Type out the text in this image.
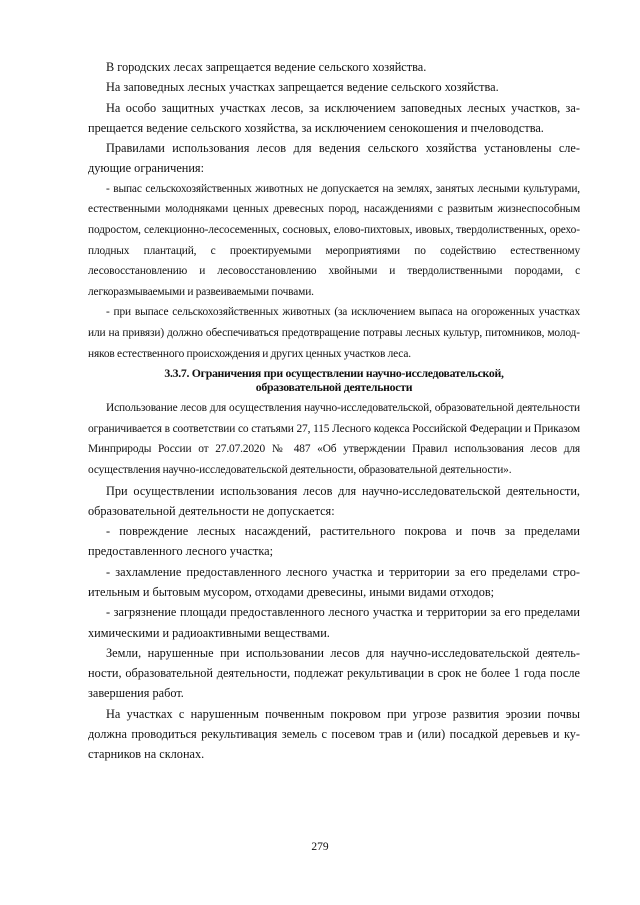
В городских лесах запрещается ведение сельского хозяйства.

На заповедных лесных участках запрещается ведение сельского хозяйства.

На особо защитных участках лесов, за исключением заповедных лесных участков, запрещается ведение сельского хозяйства, за исключением сенокошения и пчеловодства.

Правилами использования лесов для ведения сельского хозяйства установлены следующие ограничения:

- выпас сельскохозяйственных животных не допускается на землях, занятых лесными культурами, естественными молодняками ценных древесных пород, насаждениями с развитым жизнеспособным подростом, селекционно-лесосеменных, сосновых, елово-пихтовых, ивовых, твердолиственных, орехоплодных плантаций, с проектируемыми мероприятиями по содействию естественному лесовосстановлению и лесовосстановлению хвойными и твердолиственными породами, с легкоразмываемыми и развеиваемыми почвами.

- при выпасе сельскохозяйственных животных (за исключением выпаса на огороженных участках или на привязи) должно обеспечиваться предотвращение потравы лесных культур, питомников, молодняков естественного происхождения и других ценных участков леса.

3.3.7. Ограничения при осуществлении научно-исследовательской,
образовательной деятельности

Использование лесов для осуществления научно-исследовательской, образовательной деятельности ограничивается в соответствии со статьями 27, 115 Лесного кодекса Российской Федерации и Приказом Минприроды России от 27.07.2020 № 487 «Об утверждении Правил использования лесов для осуществления научно-исследовательской деятельности, образовательной деятельности».

При осуществлении использования лесов для научно-исследовательской деятельности, образовательной деятельности не допускается:

- повреждение лесных насаждений, растительного покрова и почв за пределами предоставленного лесного участка;

- захламление предоставленного лесного участка и территории за его пределами строительным и бытовым мусором, отходами древесины, иными видами отходов;

- загрязнение площади предоставленного лесного участка и территории за его пределами химическими и радиоактивными веществами.

Земли, нарушенные при использовании лесов для научно-исследовательской деятельности, образовательной деятельности, подлежат рекультивации в срок не более 1 года после завершения работ.

На участках с нарушенным почвенным покровом при угрозе развития эрозии почвы должна проводиться рекультивация земель с посевом трав и (или) посадкой деревьев и кустарников на склонах.

279
